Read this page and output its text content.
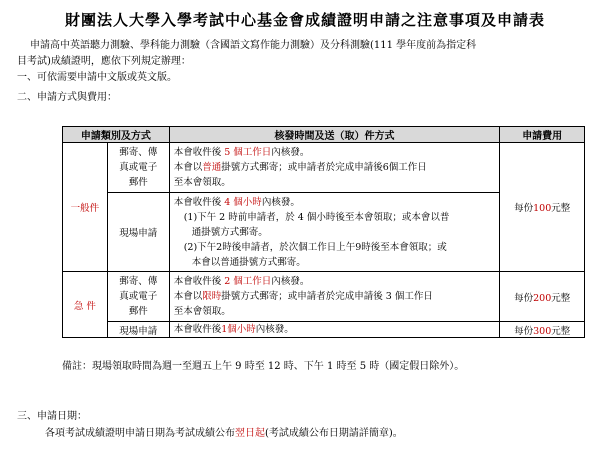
財團法人大學入學考試中心基金會成績證明申請之注意事項及申請表
申請高中英語聽力測驗、學科能力測驗（含國語文寫作能力測驗）及分科測驗(111 學年度前為指定科
目考試)成績證明，應依下列規定辦理：
一、可依需要申請中文版或英文版。
二、申請方式與費用：
申請類別及方式		核發時間及送（取）件方式	申請費用
一般件	郵寄、傳
真或電子
郵件	本會收件後 5 個工作日內核發。
本會以普通掛號方式郵寄；或申請者於完成申請後6個工作日
至本會領取。	每份100元整
	現場申請	本會收件後 4 個小時內核發。
(1)下午 2 時前申請者，於 4 個小時後至本會領取；或本會以普
通掛號方式郵寄。
(2)下午2時後申請者，於次個工作日上午9時後至本會領取；或
本會以普通掛號方式郵寄。	

急 件	郵寄、傳
真或電子
郵件	本會收件後 2 個工作日內核發。
本會以限時掛號方式郵寄；或申請者於完成申請後 3 個工作日
至本會領取。	每份200元整
	現場申請	本會收件後1個小時內核發。	每份300元整
備註：現場領取時間為週一至週五上午 9 時至 12 時、下午 1 時至 5 時（國定假日除外）。
三、申請日期：
各項考試成績證明申請日期為考試成績公布翌日起(考試成績公布日期請詳簡章)。
